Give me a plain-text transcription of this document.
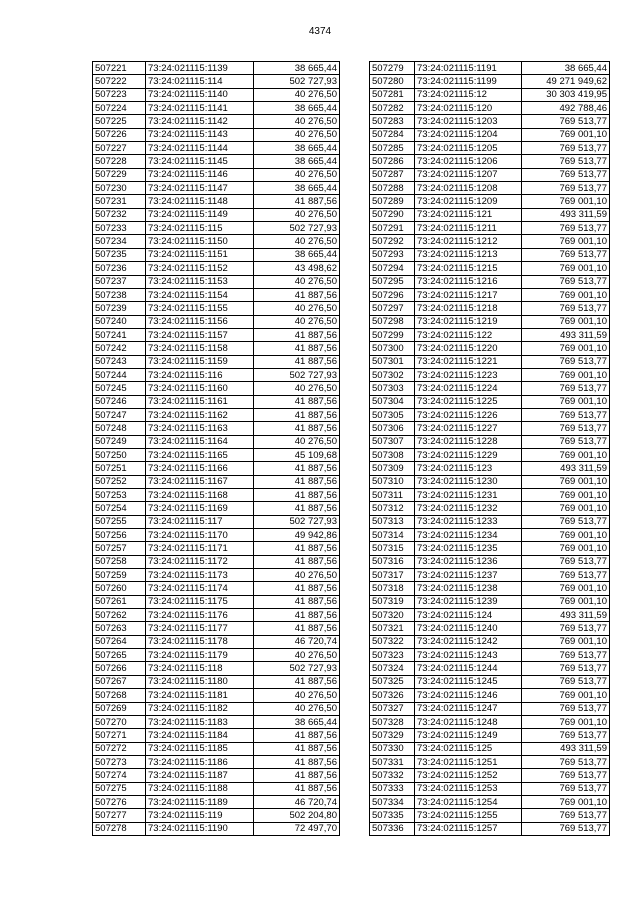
4374
507221	73:24:021115:1139	38 665,44
507222	73:24:021115:114	502 727,93
507223	73:24:021115:1140	40 276,50
507224	73:24:021115:1141	38 665,44
507225	73:24:021115:1142	40 276,50
507226	73:24:021115:1143	40 276,50
507227	73:24:021115:1144	38 665,44
507228	73:24:021115:1145	38 665,44
507229	73:24:021115:1146	40 276,50
507230	73:24:021115:1147	38 665,44
507231	73:24:021115:1148	41 887,56
507232	73:24:021115:1149	40 276,50
507233	73:24:021115:115	502 727,93
507234	73:24:021115:1150	40 276,50
507235	73:24:021115:1151	38 665,44
507236	73:24:021115:1152	43 498,62
507237	73:24:021115:1153	40 276,50
507238	73:24:021115:1154	41 887,56
507239	73:24:021115:1155	40 276,50
507240	73:24:021115:1156	40 276,50
507241	73:24:021115:1157	41 887,56
507242	73:24:021115:1158	41 887,56
507243	73:24:021115:1159	41 887,56
507244	73:24:021115:116	502 727,93
507245	73:24:021115:1160	40 276,50
507246	73:24:021115:1161	41 887,56
507247	73:24:021115:1162	41 887,56
507248	73:24:021115:1163	41 887,56
507249	73:24:021115:1164	40 276,50
507250	73:24:021115:1165	45 109,68
507251	73:24:021115:1166	41 887,56
507252	73:24:021115:1167	41 887,56
507253	73:24:021115:1168	41 887,56
507254	73:24:021115:1169	41 887,56
507255	73:24:021115:117	502 727,93
507256	73:24:021115:1170	49 942,86
507257	73:24:021115:1171	41 887,56
507258	73:24:021115:1172	41 887,56
507259	73:24:021115:1173	40 276,50
507260	73:24:021115:1174	41 887,56
507261	73:24:021115:1175	41 887,56
507262	73:24:021115:1176	41 887,56
507263	73:24:021115:1177	41 887,56
507264	73:24:021115:1178	46 720,74
507265	73:24:021115:1179	40 276,50
507266	73:24:021115:118	502 727,93
507267	73:24:021115:1180	41 887,56
507268	73:24:021115:1181	40 276,50
507269	73:24:021115:1182	40 276,50
507270	73:24:021115:1183	38 665,44
507271	73:24:021115:1184	41 887,56
507272	73:24:021115:1185	41 887,56
507273	73:24:021115:1186	41 887,56
507274	73:24:021115:1187	41 887,56
507275	73:24:021115:1188	41 887,56
507276	73:24:021115:1189	46 720,74
507277	73:24:021115:119	502 204,80
507278	73:24:021115:1190	72 497,70
507279	73:24:021115:1191	38 665,44
507280	73:24:021115:1199	49 271 949,62
507281	73:24:021115:12	30 303 419,95
507282	73:24:021115:120	492 788,46
507283	73:24:021115:1203	769 513,77
507284	73:24:021115:1204	769 001,10
507285	73:24:021115:1205	769 513,77
507286	73:24:021115:1206	769 513,77
507287	73:24:021115:1207	769 513,77
507288	73:24:021115:1208	769 513,77
507289	73:24:021115:1209	769 001,10
507290	73:24:021115:121	493 311,59
507291	73:24:021115:1211	769 513,77
507292	73:24:021115:1212	769 001,10
507293	73:24:021115:1213	769 513,77
507294	73:24:021115:1215	769 001,10
507295	73:24:021115:1216	769 513,77
507296	73:24:021115:1217	769 001,10
507297	73:24:021115:1218	769 513,77
507298	73:24:021115:1219	769 001,10
507299	73:24:021115:122	493 311,59
507300	73:24:021115:1220	769 001,10
507301	73:24:021115:1221	769 513,77
507302	73:24:021115:1223	769 001,10
507303	73:24:021115:1224	769 513,77
507304	73:24:021115:1225	769 001,10
507305	73:24:021115:1226	769 513,77
507306	73:24:021115:1227	769 513,77
507307	73:24:021115:1228	769 513,77
507308	73:24:021115:1229	769 001,10
507309	73:24:021115:123	493 311,59
507310	73:24:021115:1230	769 001,10
507311	73:24:021115:1231	769 001,10
507312	73:24:021115:1232	769 001,10
507313	73:24:021115:1233	769 513,77
507314	73:24:021115:1234	769 001,10
507315	73:24:021115:1235	769 001,10
507316	73:24:021115:1236	769 513,77
507317	73:24:021115:1237	769 513,77
507318	73:24:021115:1238	769 001,10
507319	73:24:021115:1239	769 001,10
507320	73:24:021115:124	493 311,59
507321	73:24:021115:1240	769 513,77
507322	73:24:021115:1242	769 001,10
507323	73:24:021115:1243	769 513,77
507324	73:24:021115:1244	769 513,77
507325	73:24:021115:1245	769 513,77
507326	73:24:021115:1246	769 001,10
507327	73:24:021115:1247	769 513,77
507328	73:24:021115:1248	769 001,10
507329	73:24:021115:1249	769 513,77
507330	73:24:021115:125	493 311,59
507331	73:24:021115:1251	769 513,77
507332	73:24:021115:1252	769 513,77
507333	73:24:021115:1253	769 513,77
507334	73:24:021115:1254	769 001,10
507335	73:24:021115:1255	769 513,77
507336	73:24:021115:1257	769 513,77
